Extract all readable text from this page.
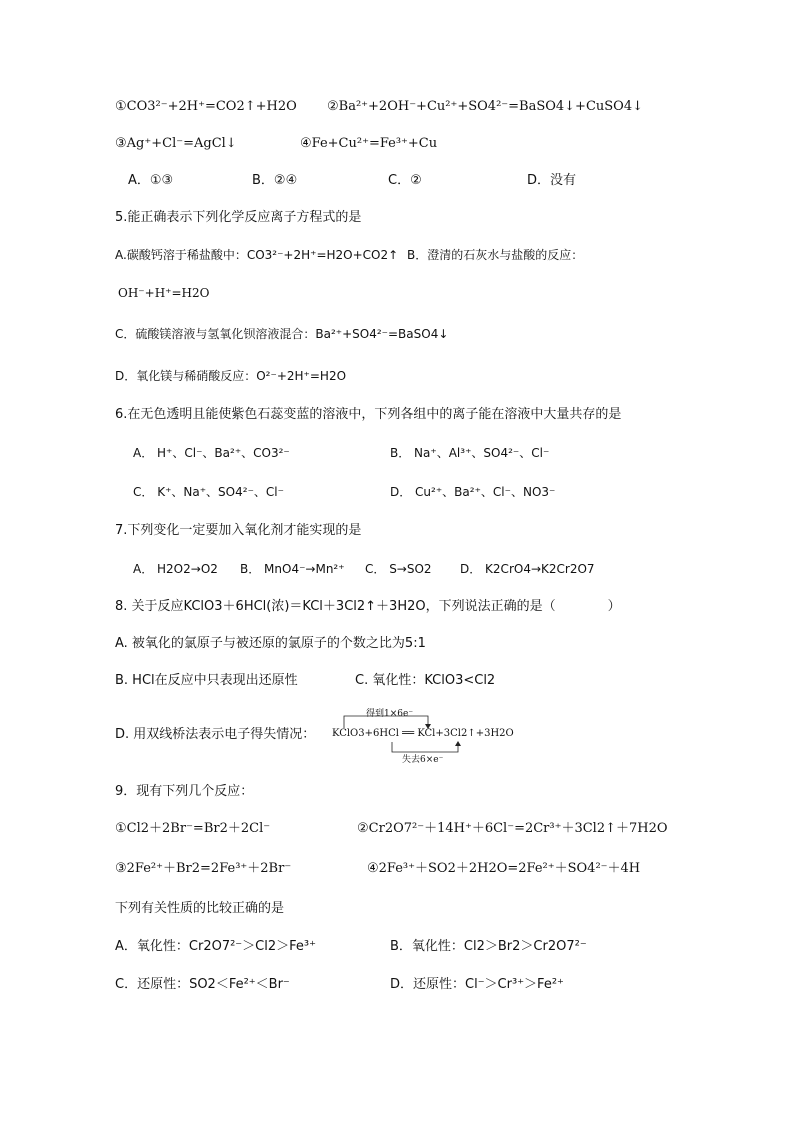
①CO3²⁻+2H⁺=CO2↑+H2O ②Ba²⁺+2OH⁻+Cu²⁺+SO4²⁻=BaSO4↓+CuSO4↓
③Ag⁺+Cl⁻=AgCl↓	④Fe+Cu²⁺=Fe³⁺+Cu
A．①③	B．②④	C．②	D．没有
5.能正确表示下列化学反应离子方程式的是
A.碳酸钙溶于稀盐酸中：CO3²⁻+2H⁺=H2O+CO2↑ B．澄清的石灰水与盐酸的反应：
OH⁻+H⁺=H2O
C．硫酸镁溶液与氢氧化钡溶液混合：Ba²⁺+SO4²⁻=BaSO4↓
D．氧化镁与稀硝酸反应：O²⁻+2H⁺=H2O
6.在无色透明且能使紫色石蕊变蓝的溶液中，下列各组中的离子能在溶液中大量共存的是
A． H⁺、Cl⁻、Ba²⁺、CO3²⁻	B． Na⁺、Al³⁺、SO4²⁻、Cl⁻
C． K⁺、Na⁺、SO4²⁻、Cl⁻	D． Cu²⁺、Ba²⁺、Cl⁻、NO3⁻
7.下列变化一定要加入氧化剂才能实现的是
A． H2O2→O2 B． MnO4⁻→Mn²⁺ C． S→SO2 D． K2CrO4→K2Cr2O7
8. 关于反应KClO3＋6HCl(浓)＝KCl＋3Cl2↑＋3H2O，下列说法正确的是（　　　　）
A. 被氧化的氯原子与被还原的氯原子的个数之比为5:1
B. HCl在反应中只表现出还原性	C. 氧化性：KClO3<Cl2
D. 用双线桥法表示电子得失情况：
得到1×6e⁻
KClO3+6HCl ══ KCl+3Cl2↑+3H2O
失去6×e⁻
9．现有下列几个反应：
①Cl2＋2Br⁻=Br2＋2Cl⁻	②Cr2O7²⁻＋14H⁺＋6Cl⁻=2Cr³⁺＋3Cl2↑＋7H2O
③2Fe²⁺＋Br2=2Fe³⁺＋2Br⁻	④2Fe³⁺＋SO2＋2H2O=2Fe²⁺＋SO4²⁻＋4H
下列有关性质的比较正确的是
A．氧化性：Cr2O7²⁻＞Cl2＞Fe³⁺	B．氧化性：Cl2＞Br2＞Cr2O7²⁻
C．还原性：SO2＜Fe²⁺＜Br⁻	D．还原性：Cl⁻＞Cr³⁺＞Fe²⁺
